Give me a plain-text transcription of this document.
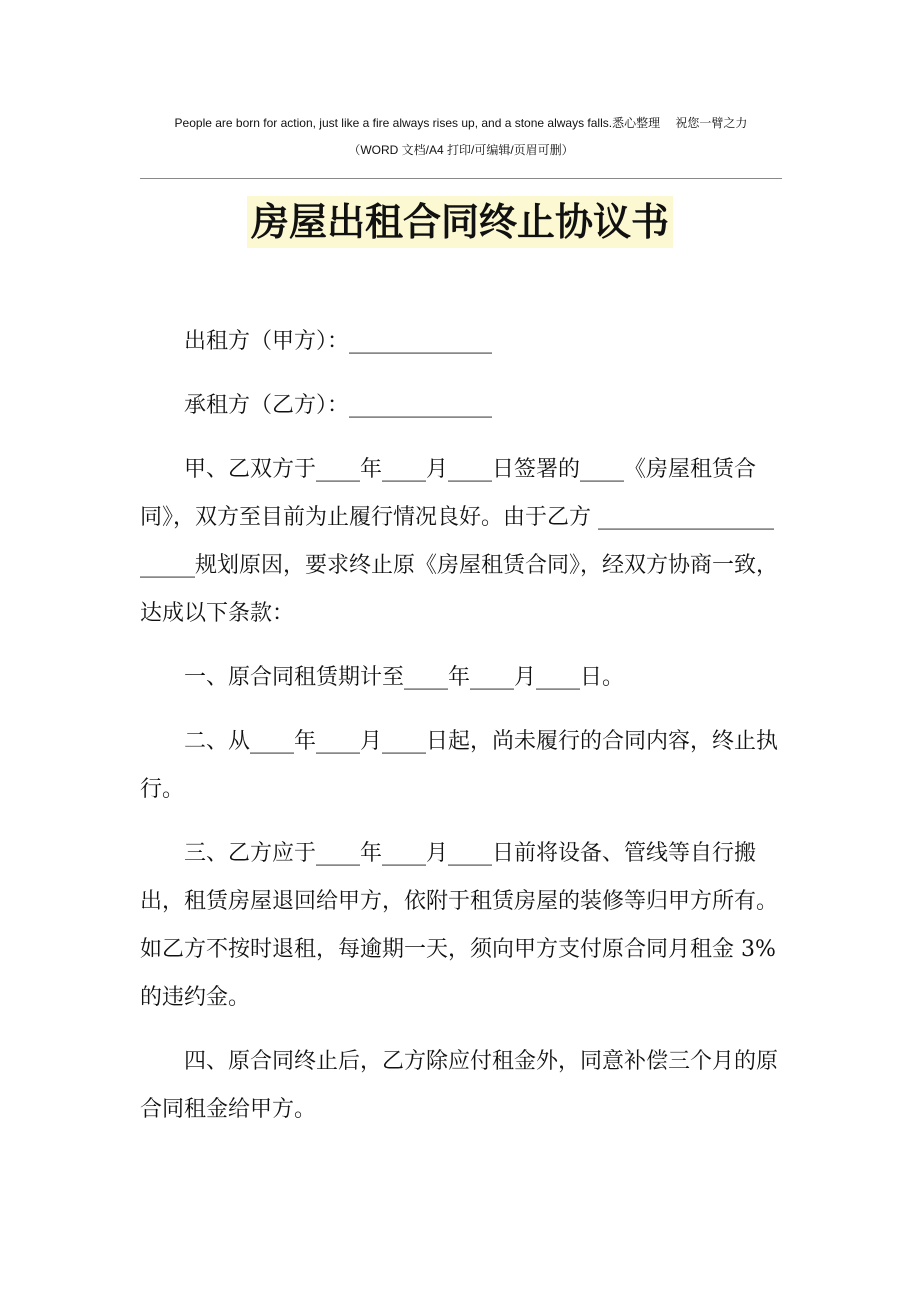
People are born for action, just like a fire always rises up, and a stone always falls.悉心整理　 祝您一臂之力
（WORD 文档/A4 打印/可编辑/页眉可删）
房屋出租合同终止协议书

出租方（甲方）：_____________

承租方（乙方）：_____________

甲、乙双方于____年____月____日签署的____《房屋租赁合同》，双方至目前为止履行情况良好。由于乙方 _____________________规划原因，要求终止原《房屋租赁合同》，经双方协商一致，达成以下条款：

一、原合同租赁期计至____年____月____日。

二、从____年____月____日起，尚未履行的合同内容，终止执行。

三、乙方应于____年____月____日前将设备、管线等自行搬出，租赁房屋退回给甲方，依附于租赁房屋的装修等归甲方所有。如乙方不按时退租，每逾期一天，须向甲方支付原合同月租金 3%的违约金。

四、原合同终止后，乙方除应付租金外，同意补偿三个月的原合同租金给甲方。
